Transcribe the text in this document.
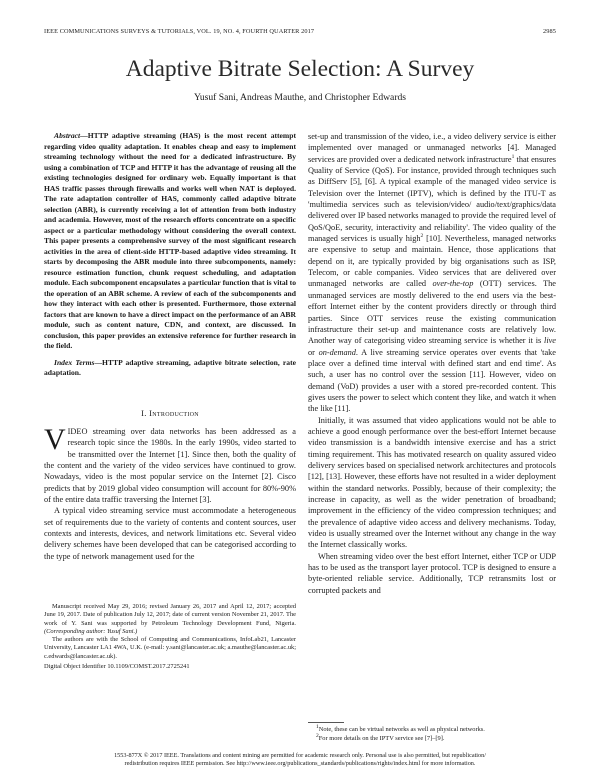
IEEE COMMUNICATIONS SURVEYS & TUTORIALS, VOL. 19, NO. 4, FOURTH QUARTER 2017	2985
Adaptive Bitrate Selection: A Survey
Yusuf Sani, Andreas Mauthe, and Christopher Edwards

Abstract—HTTP adaptive streaming (HAS) is the most recent attempt regarding video quality adaptation. It enables cheap and easy to implement streaming technology without the need for a dedicated infrastructure. By using a combination of TCP and HTTP it has the advantage of reusing all the existing technologies designed for ordinary web. Equally important is that HAS traffic passes through firewalls and works well when NAT is deployed. The rate adaptation controller of HAS, commonly called adaptive bitrate selection (ABR), is currently receiving a lot of attention from both industry and academia. However, most of the research efforts concentrate on a specific aspect or a particular methodology without considering the overall context. This paper presents a comprehensive survey of the most significant research activities in the area of client-side HTTP-based adaptive video streaming. It starts by decomposing the ABR module into three subcomponents, namely: resource estimation function, chunk request scheduling, and adaptation module. Each subcomponent encapsulates a particular function that is vital to the operation of an ABR scheme. A review of each of the subcomponents and how they interact with each other is presented. Furthermore, those external factors that are known to have a direct impact on the performance of an ABR module, such as content nature, CDN, and context, are discussed. In conclusion, this paper provides an extensive reference for further research in the field.

Index Terms—HTTP adaptive streaming, adaptive bitrate selection, rate adaptation.

I. Introduction

VIDEO streaming over data networks has been addressed as a research topic since the 1980s. In the early 1990s, video started to be transmitted over the Internet [1]. Since then, both the quality of the content and the variety of the video services have continued to grow. Nowadays, video is the most popular service on the Internet [2]. Cisco predicts that by 2019 global video consumption will account for 80%-90% of the entire data traffic traversing the Internet [3].

A typical video streaming service must accommodate a heterogeneous set of requirements due to the variety of contents and content sources, user contexts and interests, devices, and network limitations etc. Several video delivery schemes have been developed that can be categorised according to the type of network management used for the

Manuscript received May 29, 2016; revised January 26, 2017 and April 12, 2017; accepted June 19, 2017. Date of publication July 12, 2017; date of current version November 21, 2017. The work of Y. Sani was supported by Petroleum Technology Development Fund, Nigeria. (Corresponding author: Yusuf Sani.)

The authors are with the School of Computing and Communications, InfoLab21, Lancaster University, Lancaster LA1 4WA, U.K. (e-mail: y.sani@lancaster.ac.uk; a.mauthe@lancaster.ac.uk; c.edwards@lancaster.ac.uk).

Digital Object Identifier 10.1109/COMST.2017.2725241

set-up and transmission of the video, i.e., a video delivery service is either implemented over managed or unmanaged networks [4]. Managed services are provided over a dedicated network infrastructure$^1$ that ensures Quality of Service (QoS). For instance, provided through techniques such as DiffServ [5], [6]. A typical example of the managed video service is Television over the Internet (IPTV), which is defined by the ITU-T as 'multimedia services such as television/video/ audio/text/graphics/data delivered over IP based networks managed to provide the required level of QoS/QoE, security, interactivity and reliability'. The video quality of the managed services is usually high$^2$ [10]. Nevertheless, managed networks are expensive to setup and maintain. Hence, those applications that depend on it, are typically provided by big organisations such as ISP, Telecom, or cable companies. Video services that are delivered over unmanaged networks are called over-the-top (OTT) services. The unmanaged services are mostly delivered to the end users via the best-effort Internet either by the content providers directly or through third parties. Since OTT services reuse the existing communication infrastructure their set-up and maintenance costs are relatively low. Another way of categorising video streaming service is whether it is live or on-demand. A live streaming service operates over events that 'take place over a defined time interval with defined start and end time'. As such, a user has no control over the session [11]. However, video on demand (VoD) provides a user with a stored pre-recorded content. This gives users the power to select which content they like, and watch it when the like [11].

Initially, it was assumed that video applications would not be able to achieve a good enough performance over the best-effort Internet because video transmission is a bandwidth intensive exercise and has a strict timing requirement. This has motivated research on quality assured video delivery services based on specialised network architectures and protocols [12], [13]. However, these efforts have not resulted in a wider deployment within the standard networks. Possibly, because of their complexity; the increase in capacity, as well as the wider penetration of broadband; improvement in the efficiency of the video compression techniques; and the prevalence of adaptive video access and delivery mechanisms. Today, video is usually streamed over the Internet without any change in the way the Internet classically works.

When streaming video over the best effort Internet, either TCP or UDP has to be used as the transport layer protocol. TCP is designed to ensure a byte-oriented reliable service. Additionally, TCP retransmits lost or corrupted packets and

$^1$Note, these can be virtual networks as well as physical networks.

$^2$For more details on the IPTV service see [7]–[9].

1553-877X © 2017 IEEE. Translations and content mining are permitted for academic research only. Personal use is also permitted, but republication/
redistribution requires IEEE permission. See http://www.ieee.org/publications_standards/publications/rights/index.html for more information.
